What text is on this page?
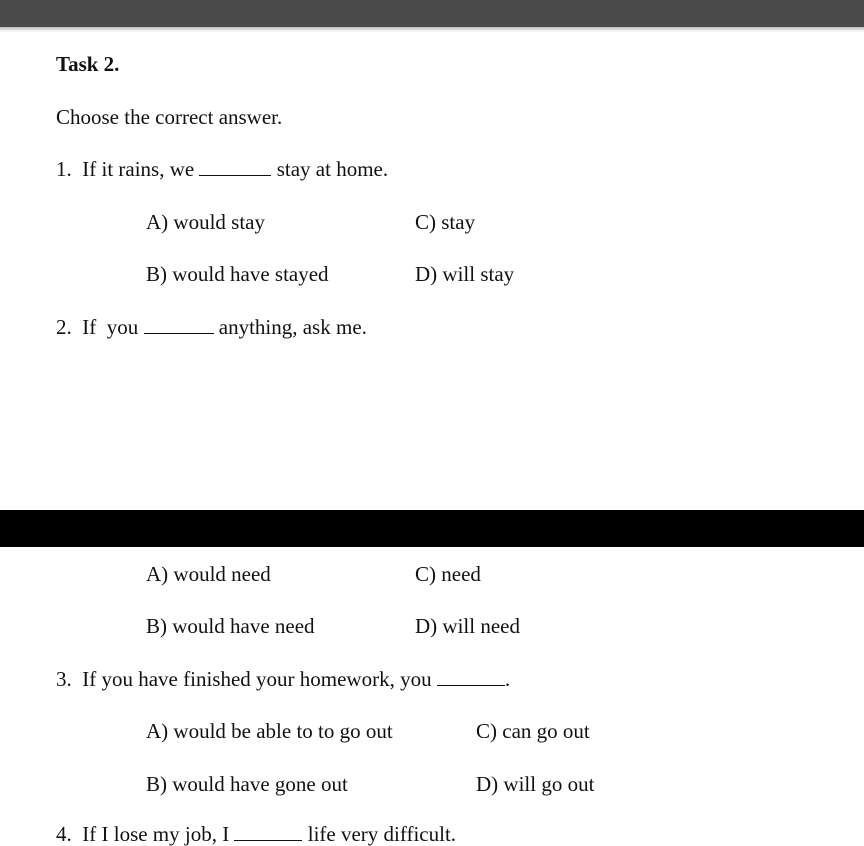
Task 2.
Choose the correct answer.
1. If it rains, we	stay at home.
A) would stay
B) would have stayed
C) stay
D) will stay
2. If  you	anything, ask me.
A) would need
B) would have need
C) need
D) will need
3. If you have finished your homework, you	.
A) would be able to to go out
B) would have gone out
C) can go out
D) will go out
4. If I lose my job, I	life very difficult.
